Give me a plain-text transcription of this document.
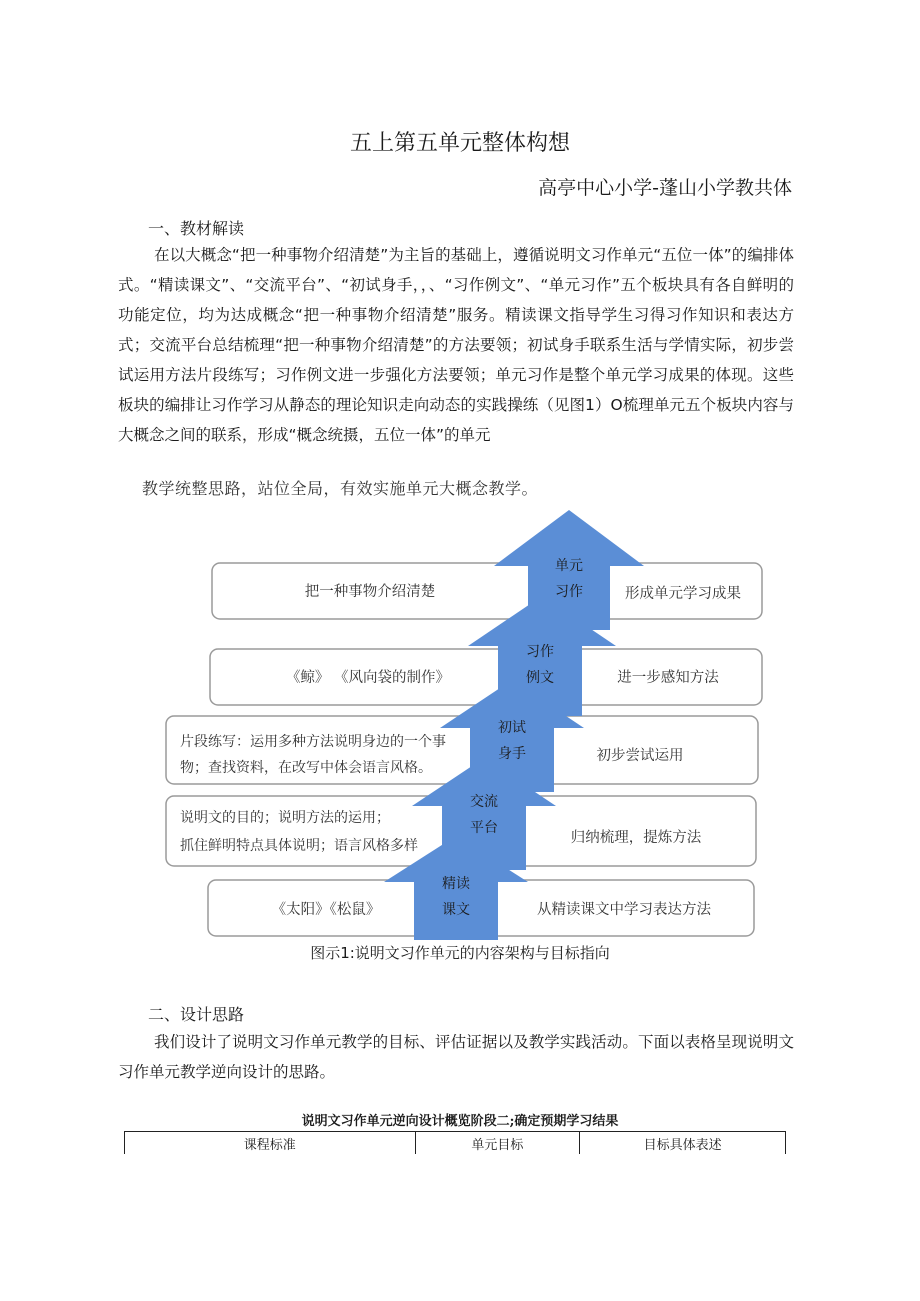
五上第五单元整体构想
高亭中心小学-蓬山小学教共体
一、教材解读

在以大概念“把一种事物介绍清楚”为主旨的基础上，遵循说明文习作单元“五位一体”的编排体式。“精读课文”、“交流平台”、“初试身手，，、“习作例文”、“单元习作”五个板块具有各自鲜明的功能定位，均为达成概念“把一种事物介绍清楚”服务。精读课文指导学生习得习作知识和表达方式；交流平台总结梳理“把一种事物介绍清楚”的方法要领；初试身手联系生活与学情实际，初步尝试运用方法片段练写；习作例文进一步强化方法要领；单元习作是整个单元学习成果的体现。这些板块的编排让习作学习从静态的理论知识走向动态的实践操练（见图1）O梳理单元五个板块内容与大概念之间的联系，形成“概念统摄，五位一体”的单元

教学统整思路，站位全局，有效实施单元大概念教学。
把一种事物介绍清楚
《鲸》 《风向袋的制作》
片段练写：运用多种方法说明身边的一个事
物；查找资料，在改写中体会语言风格。
说明文的目的；说明方法的运用；
抓住鲜明特点具体说明；语言风格多样
《太阳》《松鼠》
形成单元学习成果
进一步感知方法
初步尝试运用
归纳梳理，提炼方法
从精读课文中学习表达方法
单元
习作
习作
例文
初试
身手
交流
平台
精读
课文
图示1:说明文习作单元的内容架构与目标指向
二、设计思路

我们设计了说明文习作单元教学的目标、评估证据以及教学实践活动。下面以表格呈现说明文习作单元教学逆向设计的思路。

说明文习作单元逆向设计概览阶段二;确定预期学习结果
课程标准	单元目标	目标具体表述
